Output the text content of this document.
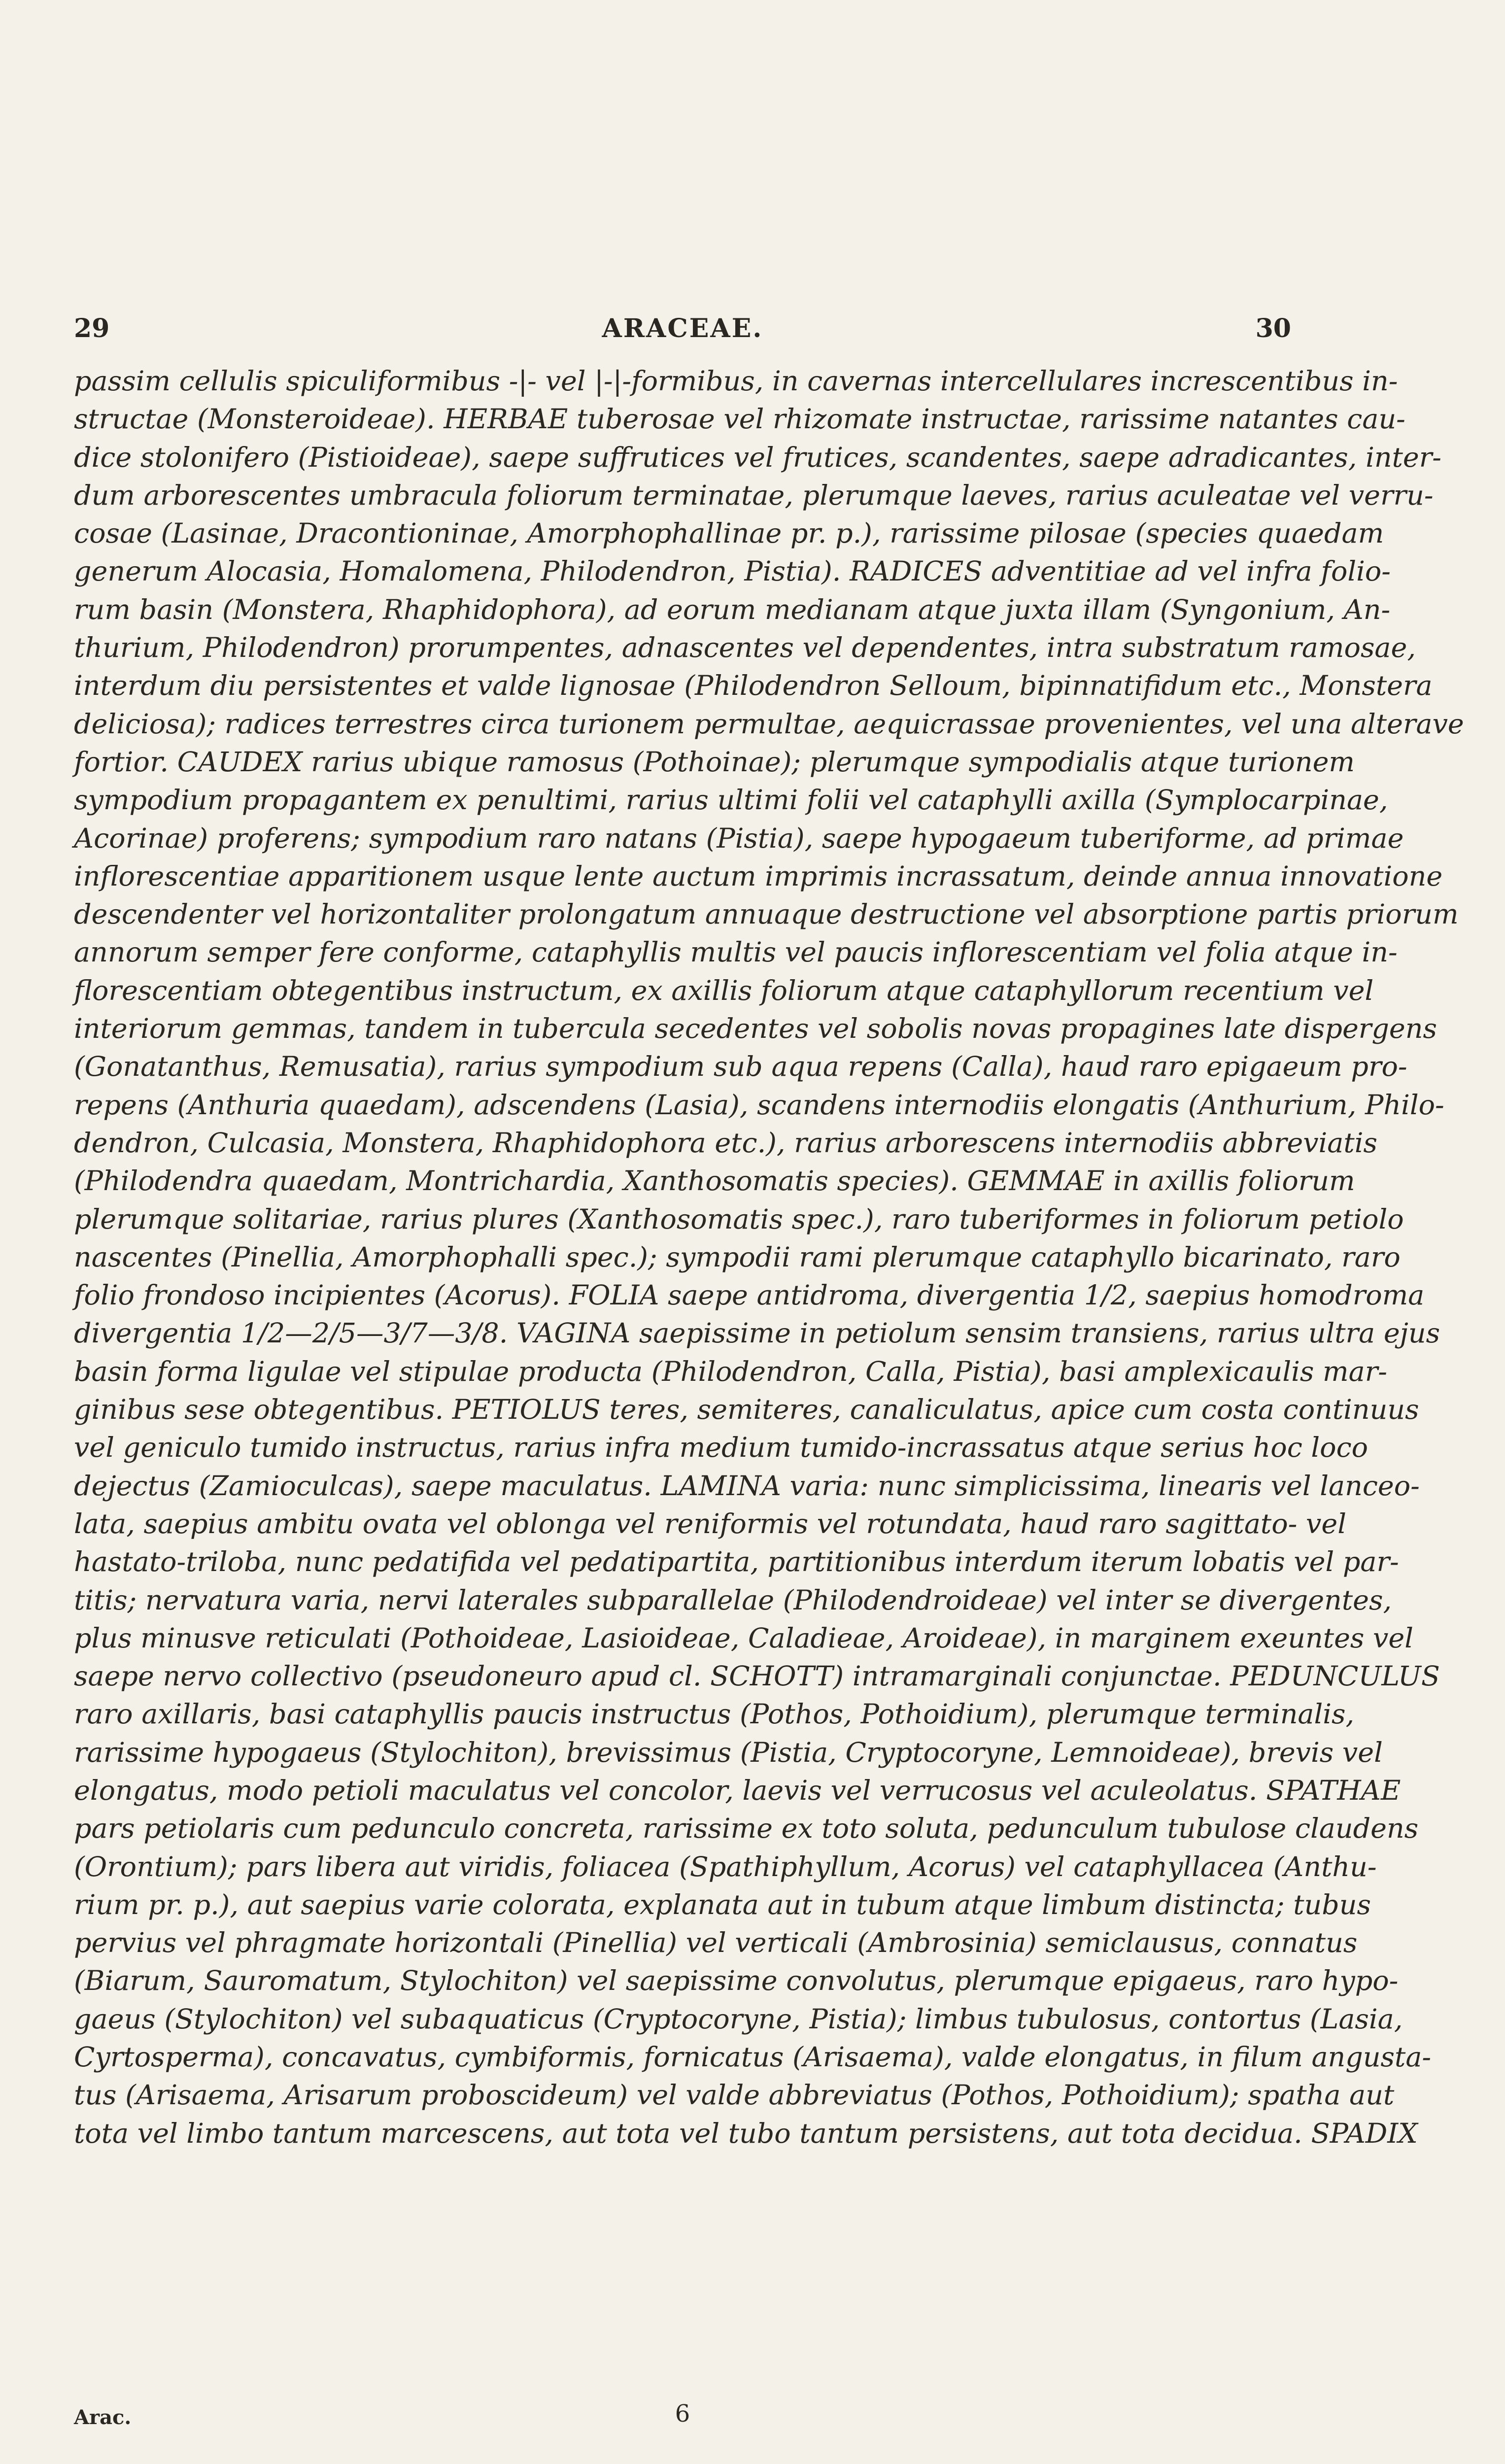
29	ARACEAE.	30
passim cellulis spiculiformibus -|- vel |-|-formibus, in cavernas intercellulares increscentibus in-
structae (Monsteroideae). HERBAE tuberosae vel rhizomate instructae, rarissime natantes cau-
dice stolonifero (Pistioideae), saepe suffrutices vel frutices, scandentes, saepe adradicantes, inter-
dum arborescentes umbracula foliorum terminatae, plerumque laeves, rarius aculeatae vel verru-
cosae (Lasinae, Dracontioninae, Amorphophallinae pr. p.), rarissime pilosae (species quaedam
generum Alocasia, Homalomena, Philodendron, Pistia). RADICES adventitiae ad vel infra folio-
rum basin (Monstera, Rhaphidophora), ad eorum medianam atque juxta illam (Syngonium, An-
thurium, Philodendron) prorumpentes, adnascentes vel dependentes, intra substratum ramosae,
interdum diu persistentes et valde lignosae (Philodendron Selloum, bipinnatifidum etc., Monstera
deliciosa); radices terrestres circa turionem permultae, aequicrassae provenientes, vel una alterave
fortior. CAUDEX rarius ubique ramosus (Pothoinae); plerumque sympodialis atque turionem
sympodium propagantem ex penultimi, rarius ultimi folii vel cataphylli axilla (Symplocarpinae,
Acorinae) proferens; sympodium raro natans (Pistia), saepe hypogaeum tuberiforme, ad primae
inflorescentiae apparitionem usque lente auctum imprimis incrassatum, deinde annua innovatione
descendenter vel horizontaliter prolongatum annuaque destructione vel absorptione partis priorum
annorum semper fere conforme, cataphyllis multis vel paucis inflorescentiam vel folia atque in-
florescentiam obtegentibus instructum, ex axillis foliorum atque cataphyllorum recentium vel
interiorum gemmas, tandem in tubercula secedentes vel sobolis novas propagines late dispergens
(Gonatanthus, Remusatia), rarius sympodium sub aqua repens (Calla), haud raro epigaeum pro-
repens (Anthuria quaedam), adscendens (Lasia), scandens internodiis elongatis (Anthurium, Philo-
dendron, Culcasia, Monstera, Rhaphidophora etc.), rarius arborescens internodiis abbreviatis
(Philodendra quaedam, Montrichardia, Xanthosomatis species). GEMMAE in axillis foliorum
plerumque solitariae, rarius plures (Xanthosomatis spec.), raro tuberiformes in foliorum petiolo
nascentes (Pinellia, Amorphophalli spec.); sympodii rami plerumque cataphyllo bicarinato, raro
folio frondoso incipientes (Acorus). FOLIA saepe antidroma, divergentia 1/2, saepius homodroma
divergentia 1/2—2/5—3/7—3/8. VAGINA saepissime in petiolum sensim transiens, rarius ultra ejus
basin forma ligulae vel stipulae producta (Philodendron, Calla, Pistia), basi amplexicaulis mar-
ginibus sese obtegentibus. PETIOLUS teres, semiteres, canaliculatus, apice cum costa continuus
vel geniculo tumido instructus, rarius infra medium tumido-incrassatus atque serius hoc loco
dejectus (Zamioculcas), saepe maculatus. LAMINA varia: nunc simplicissima, linearis vel lanceo-
lata, saepius ambitu ovata vel oblonga vel reniformis vel rotundata, haud raro sagittato- vel
hastato-triloba, nunc pedatifida vel pedatipartita, partitionibus interdum iterum lobatis vel par-
titis; nervatura varia, nervi laterales subparallelae (Philodendroideae) vel inter se divergentes,
plus minusve reticulati (Pothoideae, Lasioideae, Caladieae, Aroideae), in marginem exeuntes vel
saepe nervo collectivo (pseudoneuro apud cl. SCHOTT) intramarginali conjunctae. PEDUNCULUS
raro axillaris, basi cataphyllis paucis instructus (Pothos, Pothoidium), plerumque terminalis,
rarissime hypogaeus (Stylochiton), brevissimus (Pistia, Cryptocoryne, Lemnoideae), brevis vel
elongatus, modo petioli maculatus vel concolor, laevis vel verrucosus vel aculeolatus. SPATHAE
pars petiolaris cum pedunculo concreta, rarissime ex toto soluta, pedunculum tubulose claudens
(Orontium); pars libera aut viridis, foliacea (Spathiphyllum, Acorus) vel cataphyllacea (Anthu-
rium pr. p.), aut saepius varie colorata, explanata aut in tubum atque limbum distincta; tubus
pervius vel phragmate horizontali (Pinellia) vel verticali (Ambrosinia) semiclausus, connatus
(Biarum, Sauromatum, Stylochiton) vel saepissime convolutus, plerumque epigaeus, raro hypo-
gaeus (Stylochiton) vel subaquaticus (Cryptocoryne, Pistia); limbus tubulosus, contortus (Lasia,
Cyrtosperma), concavatus, cymbiformis, fornicatus (Arisaema), valde elongatus, in filum angusta-
tus (Arisaema, Arisarum proboscideum) vel valde abbreviatus (Pothos, Pothoidium); spatha aut
tota vel limbo tantum marcescens, aut tota vel tubo tantum persistens, aut tota decidua. SPADIX
Arac.	6
